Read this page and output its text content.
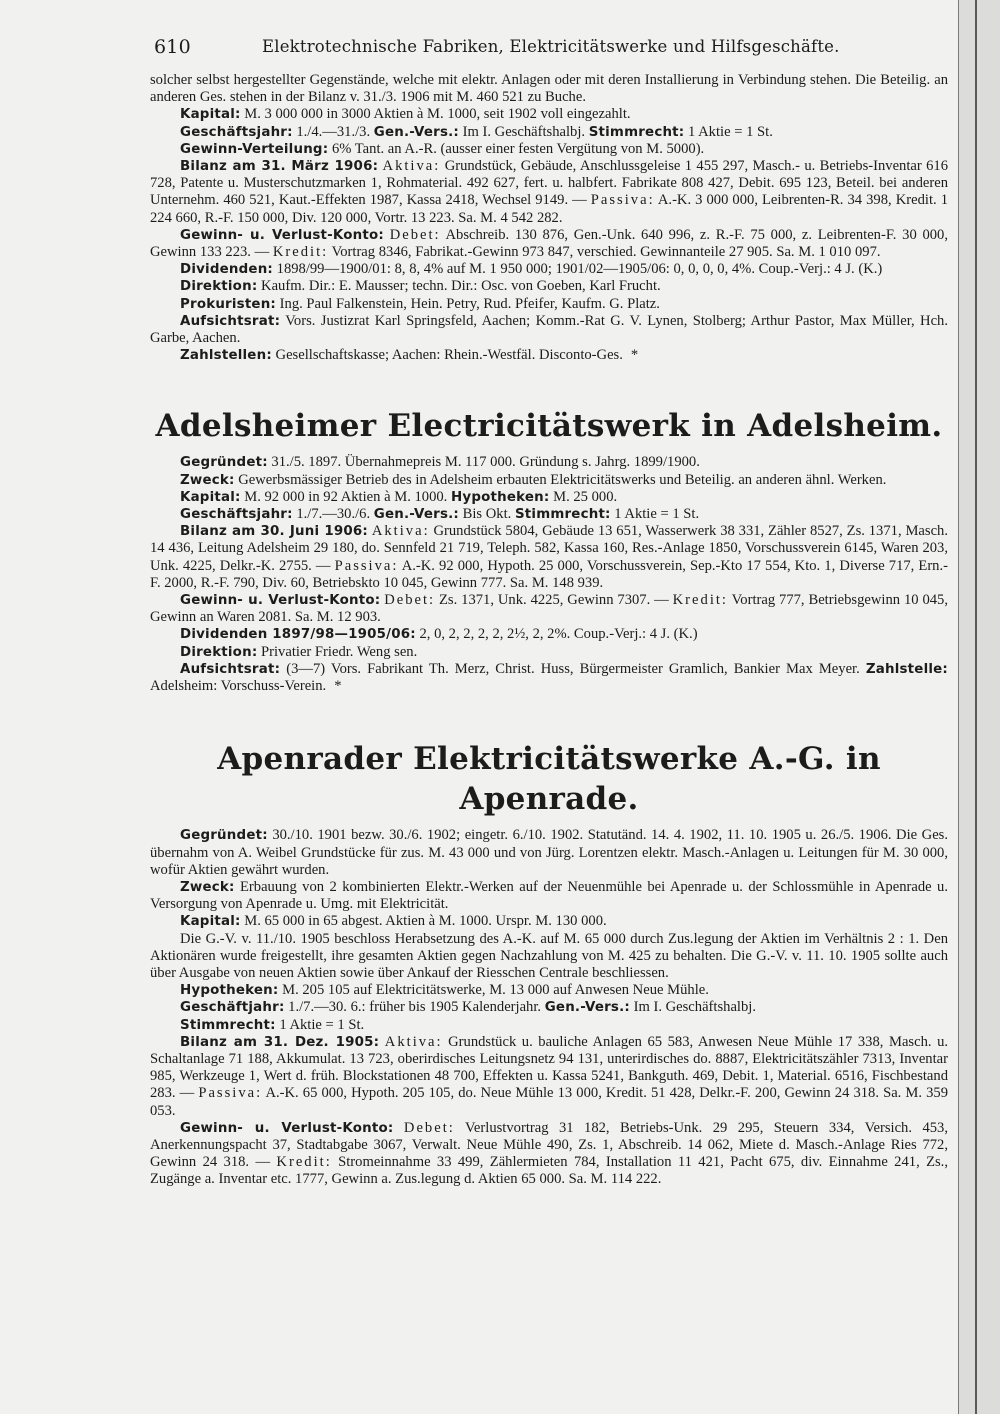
610	Elektrotechnische Fabriken, Elektricitätswerke und Hilfsgeschäfte.

solcher selbst hergestellter Gegenstände, welche mit elektr. Anlagen oder mit deren Installierung in Verbindung stehen. Die Beteilig. an anderen Ges. stehen in der Bilanz v. 31./3. 1906 mit M. 460 521 zu Buche.

Kapital: M. 3 000 000 in 3000 Aktien à M. 1000, seit 1902 voll eingezahlt.

Geschäftsjahr: 1./4.—31./3. Gen.-Vers.: Im I. Geschäftshalbj. Stimmrecht: 1 Aktie = 1 St.

Gewinn-Verteilung: 6% Tant. an A.-R. (ausser einer festen Vergütung von M. 5000).

Bilanz am 31. März 1906: Aktiva: Grundstück, Gebäude, Anschlussgeleise 1 455 297, Masch.- u. Betriebs-Inventar 616 728, Patente u. Musterschutzmarken 1, Rohmaterial. 492 627, fert. u. halbfert. Fabrikate 808 427, Debit. 695 123, Beteil. bei anderen Unternehm. 460 521, Kaut.-Effekten 1987, Kassa 2418, Wechsel 9149. — Passiva: A.-K. 3 000 000, Leibrenten-R. 34 398, Kredit. 1 224 660, R.-F. 150 000, Div. 120 000, Vortr. 13 223. Sa. M. 4 542 282.

Gewinn- u. Verlust-Konto: Debet: Abschreib. 130 876, Gen.-Unk. 640 996, z. R.-F. 75 000, z. Leibrenten-F. 30 000, Gewinn 133 223. — Kredit: Vortrag 8346, Fabrikat.-Gewinn 973 847, verschied. Gewinnanteile 27 905. Sa. M. 1 010 097.

Dividenden: 1898/99—1900/01: 8, 8, 4% auf M. 1 950 000; 1901/02—1905/06: 0, 0, 0, 0, 4%. Coup.-Verj.: 4 J. (K.)

Direktion: Kaufm. Dir.: E. Mausser; techn. Dir.: Osc. von Goeben, Karl Frucht.

Prokuristen: Ing. Paul Falkenstein, Hein. Petry, Rud. Pfeifer, Kaufm. G. Platz.

Aufsichtsrat: Vors. Justizrat Karl Springsfeld, Aachen; Komm.-Rat G. V. Lynen, Stolberg; Arthur Pastor, Max Müller, Hch. Garbe, Aachen.

Zahlstellen: Gesellschaftskasse; Aachen: Rhein.-Westfäl. Disconto-Ges. *

Adelsheimer Electricitätswerk in Adelsheim.

Gegründet: 31./5. 1897. Übernahmepreis M. 117 000. Gründung s. Jahrg. 1899/1900.

Zweck: Gewerbsmässiger Betrieb des in Adelsheim erbauten Elektricitätswerks und Beteilig. an anderen ähnl. Werken.

Kapital: M. 92 000 in 92 Aktien à M. 1000. Hypotheken: M. 25 000.

Geschäftsjahr: 1./7.—30./6. Gen.-Vers.: Bis Okt. Stimmrecht: 1 Aktie = 1 St.

Bilanz am 30. Juni 1906: Aktiva: Grundstück 5804, Gebäude 13 651, Wasserwerk 38 331, Zähler 8527, Zs. 1371, Masch. 14 436, Leitung Adelsheim 29 180, do. Sennfeld 21 719, Teleph. 582, Kassa 160, Res.-Anlage 1850, Vorschussverein 6145, Waren 203, Unk. 4225, Delkr.-K. 2755. — Passiva: A.-K. 92 000, Hypoth. 25 000, Vorschussverein, Sep.-Kto 17 554, Kto. 1, Diverse 717, Ern.-F. 2000, R.-F. 790, Div. 60, Betriebskto 10 045, Gewinn 777. Sa. M. 148 939.

Gewinn- u. Verlust-Konto: Debet: Zs. 1371, Unk. 4225, Gewinn 7307. — Kredit: Vortrag 777, Betriebsgewinn 10 045, Gewinn an Waren 2081. Sa. M. 12 903.

Dividenden 1897/98—1905/06: 2, 0, 2, 2, 2, 2, 2½, 2, 2%. Coup.-Verj.: 4 J. (K.)

Direktion: Privatier Friedr. Weng sen.

Aufsichtsrat: (3—7) Vors. Fabrikant Th. Merz, Christ. Huss, Bürgermeister Gramlich, Bankier Max Meyer. Zahlstelle: Adelsheim: Vorschuss-Verein. *

Apenrader Elektricitätswerke A.-G. in Apenrade.

Gegründet: 30./10. 1901 bezw. 30./6. 1902; eingetr. 6./10. 1902. Statutänd. 14. 4. 1902, 11. 10. 1905 u. 26./5. 1906. Die Ges. übernahm von A. Weibel Grundstücke für zus. M. 43 000 und von Jürg. Lorentzen elektr. Masch.-Anlagen u. Leitungen für M. 30 000, wofür Aktien gewährt wurden.

Zweck: Erbauung von 2 kombinierten Elektr.-Werken auf der Neuenmühle bei Apenrade u. der Schlossmühle in Apenrade u. Versorgung von Apenrade u. Umg. mit Elektricität.

Kapital: M. 65 000 in 65 abgest. Aktien à M. 1000. Urspr. M. 130 000.

Die G.-V. v. 11./10. 1905 beschloss Herabsetzung des A.-K. auf M. 65 000 durch Zus.legung der Aktien im Verhältnis 2 : 1. Den Aktionären wurde freigestellt, ihre gesamten Aktien gegen Nachzahlung von M. 425 zu behalten. Die G.-V. v. 11. 10. 1905 sollte auch über Ausgabe von neuen Aktien sowie über Ankauf der Riesschen Centrale beschliessen.

Hypotheken: M. 205 105 auf Elektricitätswerke, M. 13 000 auf Anwesen Neue Mühle.

Geschäftjahr: 1./7.—30. 6.: früher bis 1905 Kalenderjahr. Gen.-Vers.: Im I. Geschäftshalbj.

Stimmrecht: 1 Aktie = 1 St.

Bilanz am 31. Dez. 1905: Aktiva: Grundstück u. bauliche Anlagen 65 583, Anwesen Neue Mühle 17 338, Masch. u. Schaltanlage 71 188, Akkumulat. 13 723, oberirdisches Leitungsnetz 94 131, unterirdisches do. 8887, Elektricitätszähler 7313, Inventar 985, Werkzeuge 1, Wert d. früh. Blockstationen 48 700, Effekten u. Kassa 5241, Bankguth. 469, Debit. 1, Material. 6516, Fischbestand 283. — Passiva: A.-K. 65 000, Hypoth. 205 105, do. Neue Mühle 13 000, Kredit. 51 428, Delkr.-F. 200, Gewinn 24 318. Sa. M. 359 053.

Gewinn- u. Verlust-Konto: Debet: Verlustvortrag 31 182, Betriebs-Unk. 29 295, Steuern 334, Versich. 453, Anerkennungspacht 37, Stadtabgabe 3067, Verwalt. Neue Mühle 490, Zs. 1, Abschreib. 14 062, Miete d. Masch.-Anlage Ries 772, Gewinn 24 318. — Kredit: Stromeinnahme 33 499, Zählermieten 784, Installation 11 421, Pacht 675, div. Einnahme 241, Zs., Zugänge a. Inventar etc. 1777, Gewinn a. Zus.legung d. Aktien 65 000. Sa. M. 114 222.
